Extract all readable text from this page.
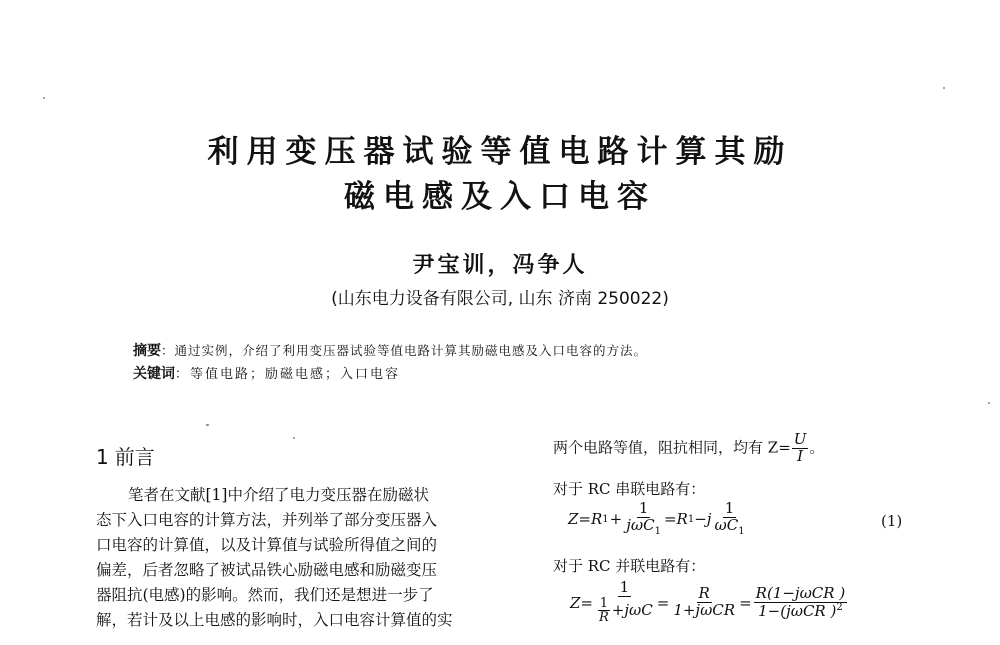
利用变压器试验等值电路计算其励
磁电感及入口电容
尹宝训，冯争人
(山东电力设备有限公司, 山东 济南 250022)
摘要：通过实例，介绍了利用变压器试验等值电路计算其励磁电感及入口电容的方法。
关键词：等值电路；励磁电感；入口电容
1 前言
笔者在文献[1]中介绍了电力变压器在励磁状
态下入口电容的计算方法，并列举了部分变压器入
口电容的计算值，以及计算值与试验所得值之间的
偏差，后者忽略了被试品铁心励磁电感和励磁变压
器阻抗(电感)的影响。然而，我们还是想进一步了
解，若计及以上电感的影响时，入口电容计算值的实
两个电路等值，阻抗相同，均有 $Z= \frac{U}{I}$ 。
对于 RC 串联电路有：
Z=R $1 + \frac{1}{j\omega C_1} =R$ $1 -j \frac{1}{\omega C_1}$	(1)
对于 RC 并联电路有：
$Z= \frac{1}{\frac{1}{R} +j\omega C} = \frac{R}{\text{1+jωCR}} = \frac{\text{R(1−jωCR )}}{1-(j\omega CR )^2}$
